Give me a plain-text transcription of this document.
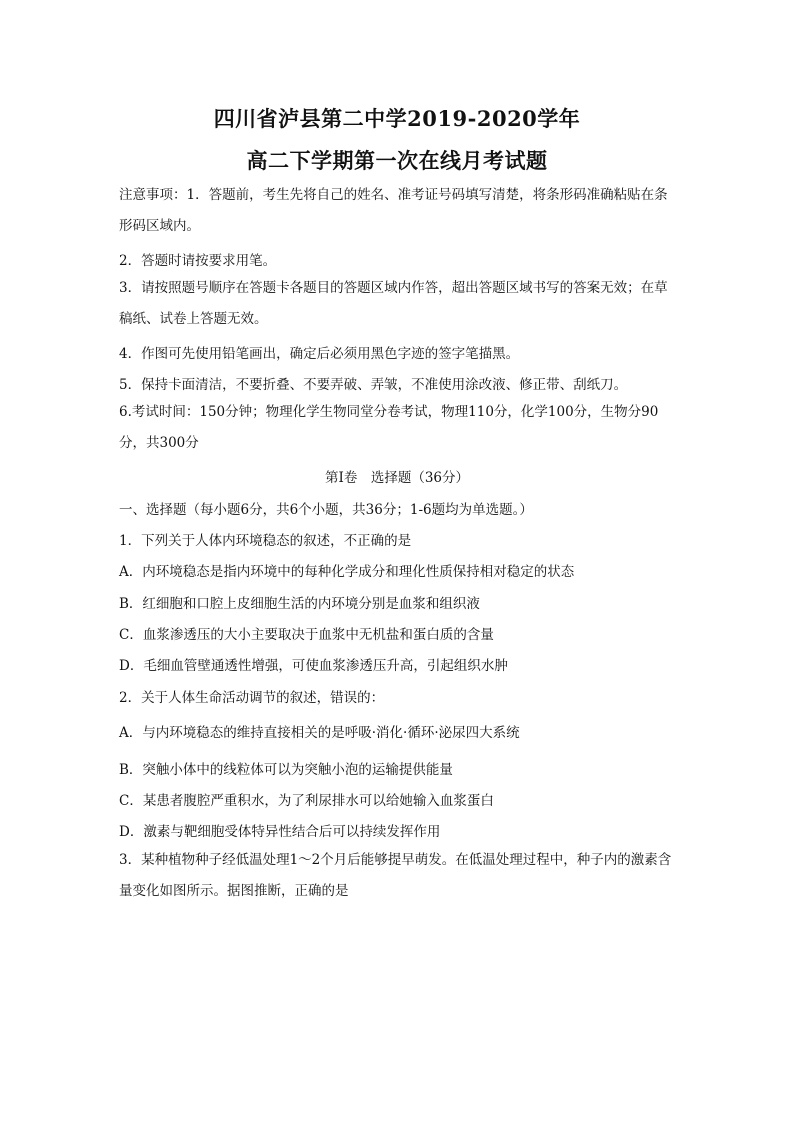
四川省泸县第二中学2019-2020学年
高二下学期第一次在线月考试题
注意事项：1．答题前，考生先将自己的姓名、准考证号码填写清楚，将条形码准确粘贴在条形码区域内。
2．答题时请按要求用笔。
3．请按照题号顺序在答题卡各题目的答题区域内作答，超出答题区域书写的答案无效；在草稿纸、试卷上答题无效。
4．作图可先使用铅笔画出，确定后必须用黑色字迹的签字笔描黑。
5．保持卡面清洁，不要折叠、不要弄破、弄皱，不准使用涂改液、修正带、刮纸刀。
6.考试时间：150分钟；物理化学生物同堂分卷考试，物理110分，化学100分，生物分90分，共300分
第Ⅰ卷　选择题（36分）
一、选择题（每小题6分，共6个小题，共36分；1-6题均为单选题。）
1．下列关于人体内环境稳态的叙述，不正确的是
A．内环境稳态是指内环境中的每种化学成分和理化性质保持相对稳定的状态
B．红细胞和口腔上皮细胞生活的内环境分别是血浆和组织液
C．血浆渗透压的大小主要取决于血浆中无机盐和蛋白质的含量
D．毛细血管壁通透性增强，可使血浆渗透压升高，引起组织水肿
2．关于人体生命活动调节的叙述，错误的：
A．与内环境稳态的维持直接相关的是呼吸·消化·循环·泌尿四大系统
B．突触小体中的线粒体可以为突触小泡的运输提供能量
C．某患者腹腔严重积水，为了利尿排水可以给她输入血浆蛋白
D．激素与靶细胞受体特异性结合后可以持续发挥作用
3．某种植物种子经低温处理1～2个月后能够提早萌发。在低温处理过程中，种子内的激素含量变化如图所示。据图推断，正确的是
